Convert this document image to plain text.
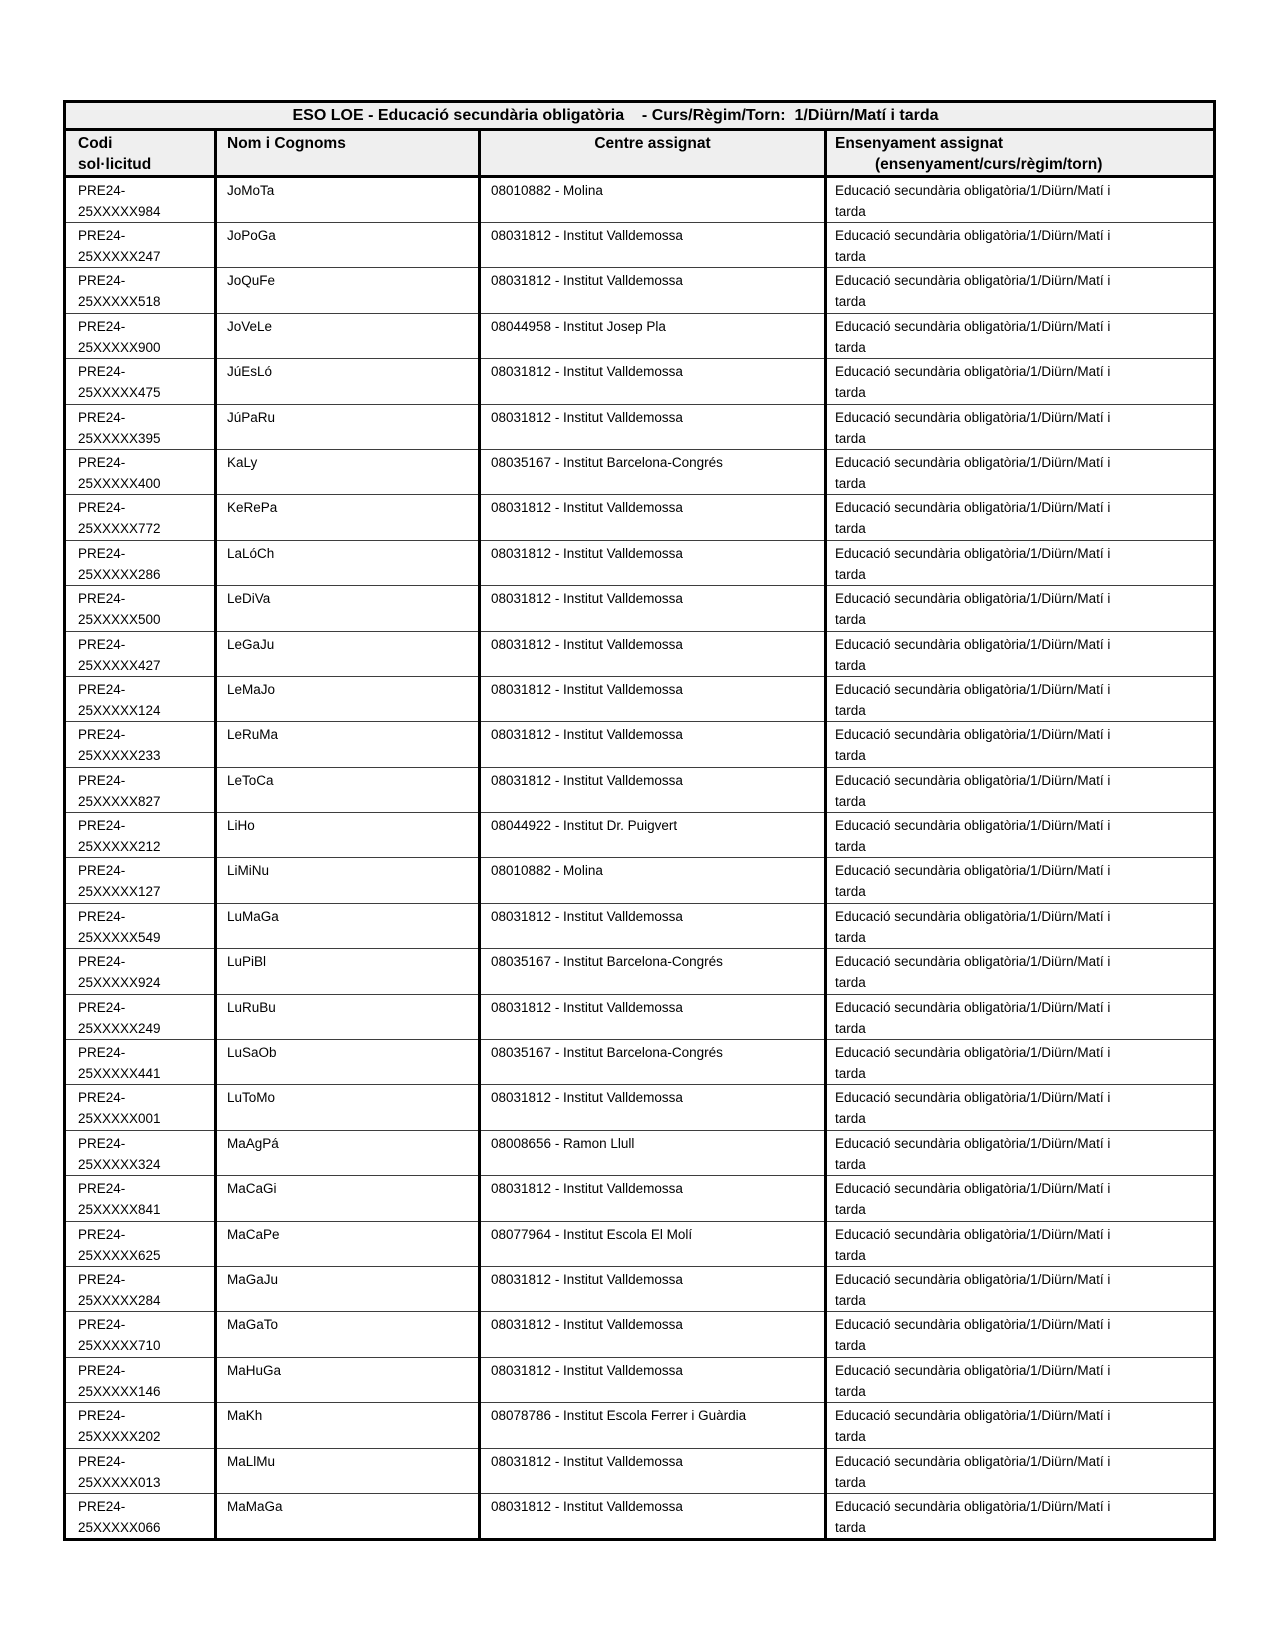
ESO LOE - Educació secundària obligatòria    - Curs/Règim/Torn:  1/Diürn/Matí i tarda			

Codi
sol·licitud
	Nom i Cognoms	Centre assignat	Ensenyament assignat
(ensenyament/curs/règim/torn)

PRE24-
25XXXXX984
	JoMoTa	08010882 - Molina	Educació secundària obligatòria/1/Diürn/Matí i
tarda

PRE24-
25XXXXX247
	JoPoGa	08031812 - Institut Valldemossa	Educació secundària obligatòria/1/Diürn/Matí i
tarda

PRE24-
25XXXXX518
	JoQuFe	08031812 - Institut Valldemossa	Educació secundària obligatòria/1/Diürn/Matí i
tarda

PRE24-
25XXXXX900
	JoVeLe	08044958 - Institut Josep Pla	Educació secundària obligatòria/1/Diürn/Matí i
tarda

PRE24-
25XXXXX475
	JúEsLó	08031812 - Institut Valldemossa	Educació secundària obligatòria/1/Diürn/Matí i
tarda

PRE24-
25XXXXX395
	JúPaRu	08031812 - Institut Valldemossa	Educació secundària obligatòria/1/Diürn/Matí i
tarda

PRE24-
25XXXXX400
	KaLy	08035167 - Institut Barcelona-Congrés	Educació secundària obligatòria/1/Diürn/Matí i
tarda

PRE24-
25XXXXX772
	KeRePa	08031812 - Institut Valldemossa	Educació secundària obligatòria/1/Diürn/Matí i
tarda

PRE24-
25XXXXX286
	LaLóCh	08031812 - Institut Valldemossa	Educació secundària obligatòria/1/Diürn/Matí i
tarda

PRE24-
25XXXXX500
	LeDiVa	08031812 - Institut Valldemossa	Educació secundària obligatòria/1/Diürn/Matí i
tarda

PRE24-
25XXXXX427
	LeGaJu	08031812 - Institut Valldemossa	Educació secundària obligatòria/1/Diürn/Matí i
tarda

PRE24-
25XXXXX124
	LeMaJo	08031812 - Institut Valldemossa	Educació secundària obligatòria/1/Diürn/Matí i
tarda

PRE24-
25XXXXX233
	LeRuMa	08031812 - Institut Valldemossa	Educació secundària obligatòria/1/Diürn/Matí i
tarda

PRE24-
25XXXXX827
	LeToCa	08031812 - Institut Valldemossa	Educació secundària obligatòria/1/Diürn/Matí i
tarda

PRE24-
25XXXXX212
	LiHo	08044922 - Institut Dr. Puigvert	Educació secundària obligatòria/1/Diürn/Matí i
tarda

PRE24-
25XXXXX127
	LiMiNu	08010882 - Molina	Educació secundària obligatòria/1/Diürn/Matí i
tarda

PRE24-
25XXXXX549
	LuMaGa	08031812 - Institut Valldemossa	Educació secundària obligatòria/1/Diürn/Matí i
tarda

PRE24-
25XXXXX924
	LuPiBl	08035167 - Institut Barcelona-Congrés	Educació secundària obligatòria/1/Diürn/Matí i
tarda

PRE24-
25XXXXX249
	LuRuBu	08031812 - Institut Valldemossa	Educació secundària obligatòria/1/Diürn/Matí i
tarda

PRE24-
25XXXXX441
	LuSaOb	08035167 - Institut Barcelona-Congrés	Educació secundària obligatòria/1/Diürn/Matí i
tarda

PRE24-
25XXXXX001
	LuToMo	08031812 - Institut Valldemossa	Educació secundària obligatòria/1/Diürn/Matí i
tarda

PRE24-
25XXXXX324
	MaAgPá	08008656 - Ramon Llull	Educació secundària obligatòria/1/Diürn/Matí i
tarda

PRE24-
25XXXXX841
	MaCaGi	08031812 - Institut Valldemossa	Educació secundària obligatòria/1/Diürn/Matí i
tarda

PRE24-
25XXXXX625
	MaCaPe	08077964 - Institut Escola El Molí	Educació secundària obligatòria/1/Diürn/Matí i
tarda

PRE24-
25XXXXX284
	MaGaJu	08031812 - Institut Valldemossa	Educació secundària obligatòria/1/Diürn/Matí i
tarda

PRE24-
25XXXXX710
	MaGaTo	08031812 - Institut Valldemossa	Educació secundària obligatòria/1/Diürn/Matí i
tarda

PRE24-
25XXXXX146
	MaHuGa	08031812 - Institut Valldemossa	Educació secundària obligatòria/1/Diürn/Matí i
tarda

PRE24-
25XXXXX202
	MaKh	08078786 - Institut Escola Ferrer i Guàrdia	Educació secundària obligatòria/1/Diürn/Matí i
tarda

PRE24-
25XXXXX013
	MaLlMu	08031812 - Institut Valldemossa	Educació secundària obligatòria/1/Diürn/Matí i
tarda

PRE24-
25XXXXX066
	MaMaGa	08031812 - Institut Valldemossa	Educació secundària obligatòria/1/Diürn/Matí i
tarda
